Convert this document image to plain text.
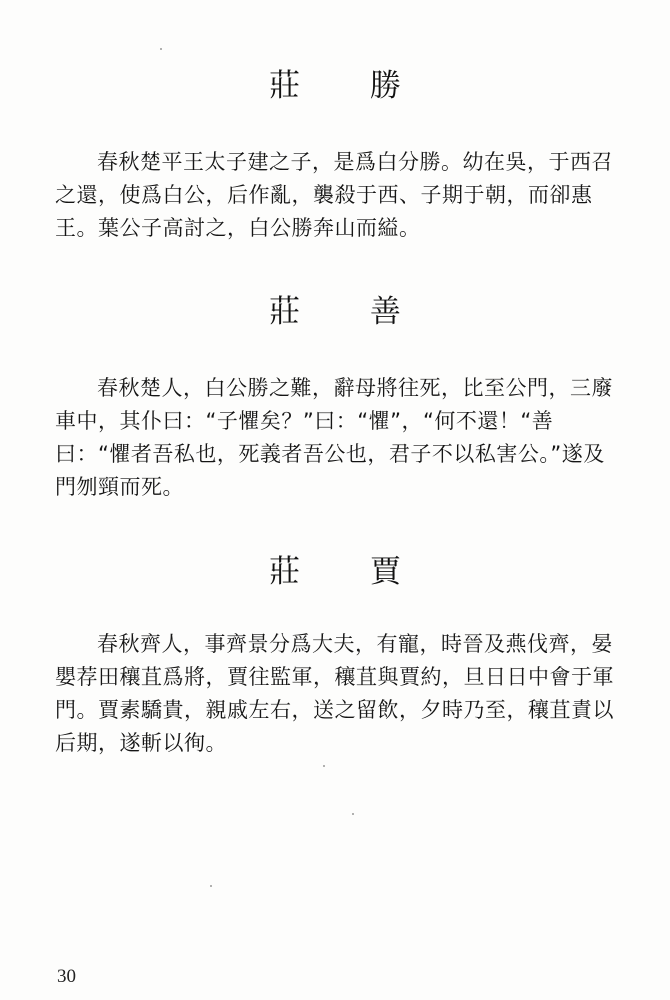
莊 勝

春秋楚平王太子建之子，是爲白分勝。幼在吳，于西召之還，使爲白公，后作亂，襲殺于西、子期于朝，而卻惠王。葉公子高討之，白公勝奔山而縊。

莊 善

春秋楚人，白公勝之難，辭母將往死，比至公門，三廢車中，其仆曰：“子懼矣？”曰：“懼”，“何不還！“善曰：“懼者吾私也，死義者吾公也，君子不以私害公。”遂及門刎頸而死。

莊 賈

春秋齊人，事齊景分爲大夫，有寵，時晉及燕伐齊，晏嬰荐田穰苴爲將，賈往監軍，穰苴與賈約，旦日日中會于軍門。賈素驕貴，親戚左右，送之留飲，夕時乃至，穰苴責以后期，遂斬以徇。

30
